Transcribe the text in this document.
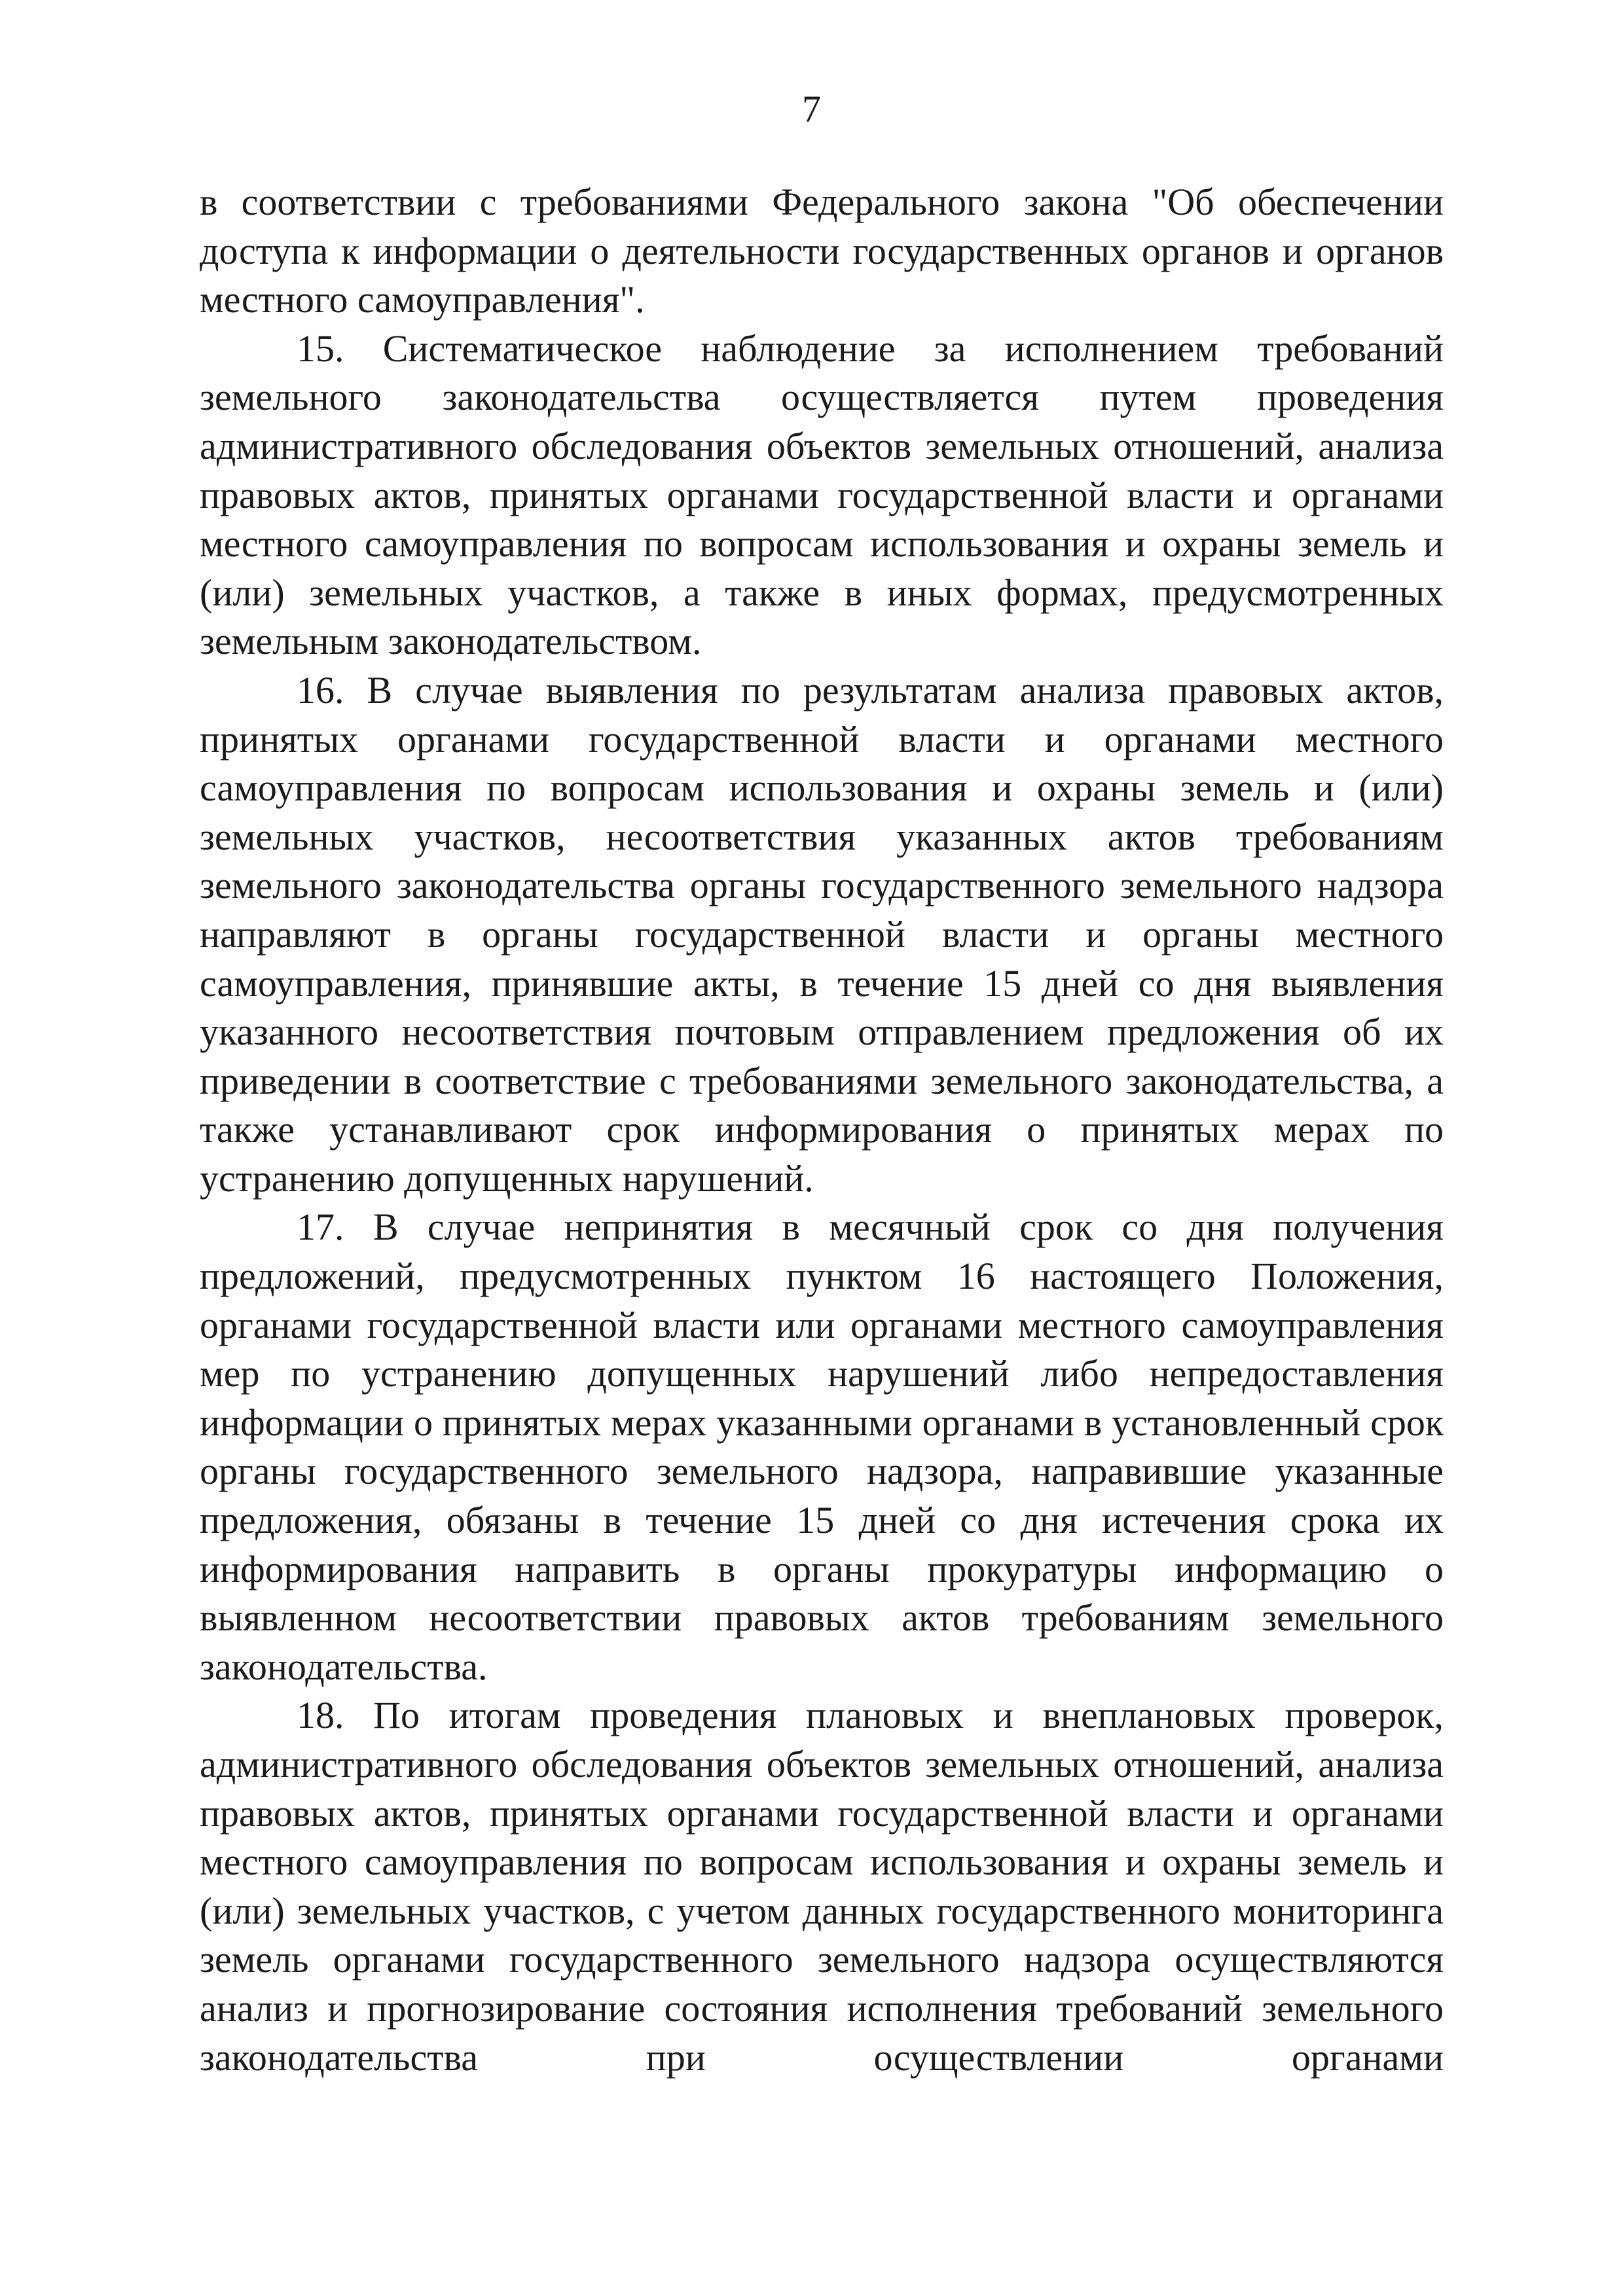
7

в соответствии с требованиями Федерального закона "Об обеспечении доступа к информации о деятельности государственных органов и органов местного самоуправления".

15. Систематическое наблюдение за исполнением требований земельного законодательства осуществляется путем проведения административного обследования объектов земельных отношений, анализа правовых актов, принятых органами государственной власти и органами местного самоуправления по вопросам использования и охраны земель и (или) земельных участков, а также в иных формах, предусмотренных земельным законодательством.

16. В случае выявления по результатам анализа правовых актов, принятых органами государственной власти и органами местного самоуправления по вопросам использования и охраны земель и (или) земельных участков, несоответствия указанных актов требованиям земельного законодательства органы государственного земельного надзора направляют в органы государственной власти и органы местного самоуправления, принявшие акты, в течение 15 дней со дня выявления указанного несоответствия почтовым отправлением предложения об их приведении в соответствие с требованиями земельного законодательства, а также устанавливают срок информирования о принятых мерах по устранению допущенных нарушений.

17. В случае непринятия в месячный срок со дня получения предложений, предусмотренных пунктом 16 настоящего Положения, органами государственной власти или органами местного самоуправления мер по устранению допущенных нарушений либо непредоставления информации о принятых мерах указанными органами в установленный срок органы государственного земельного надзора, направившие указанные предложения, обязаны в течение 15 дней со дня истечения срока их информирования направить в органы прокуратуры информацию о выявленном несоответствии правовых актов требованиям земельного законодательства.

18. По итогам проведения плановых и внеплановых проверок, административного обследования объектов земельных отношений, анализа правовых актов, принятых органами государственной власти и органами местного самоуправления по вопросам использования и охраны земель и (или) земельных участков, с учетом данных государственного мониторинга земель органами государственного земельного надзора осуществляются анализ и прогнозирование состояния исполнения требований земельного законодательства при осуществлении органами
